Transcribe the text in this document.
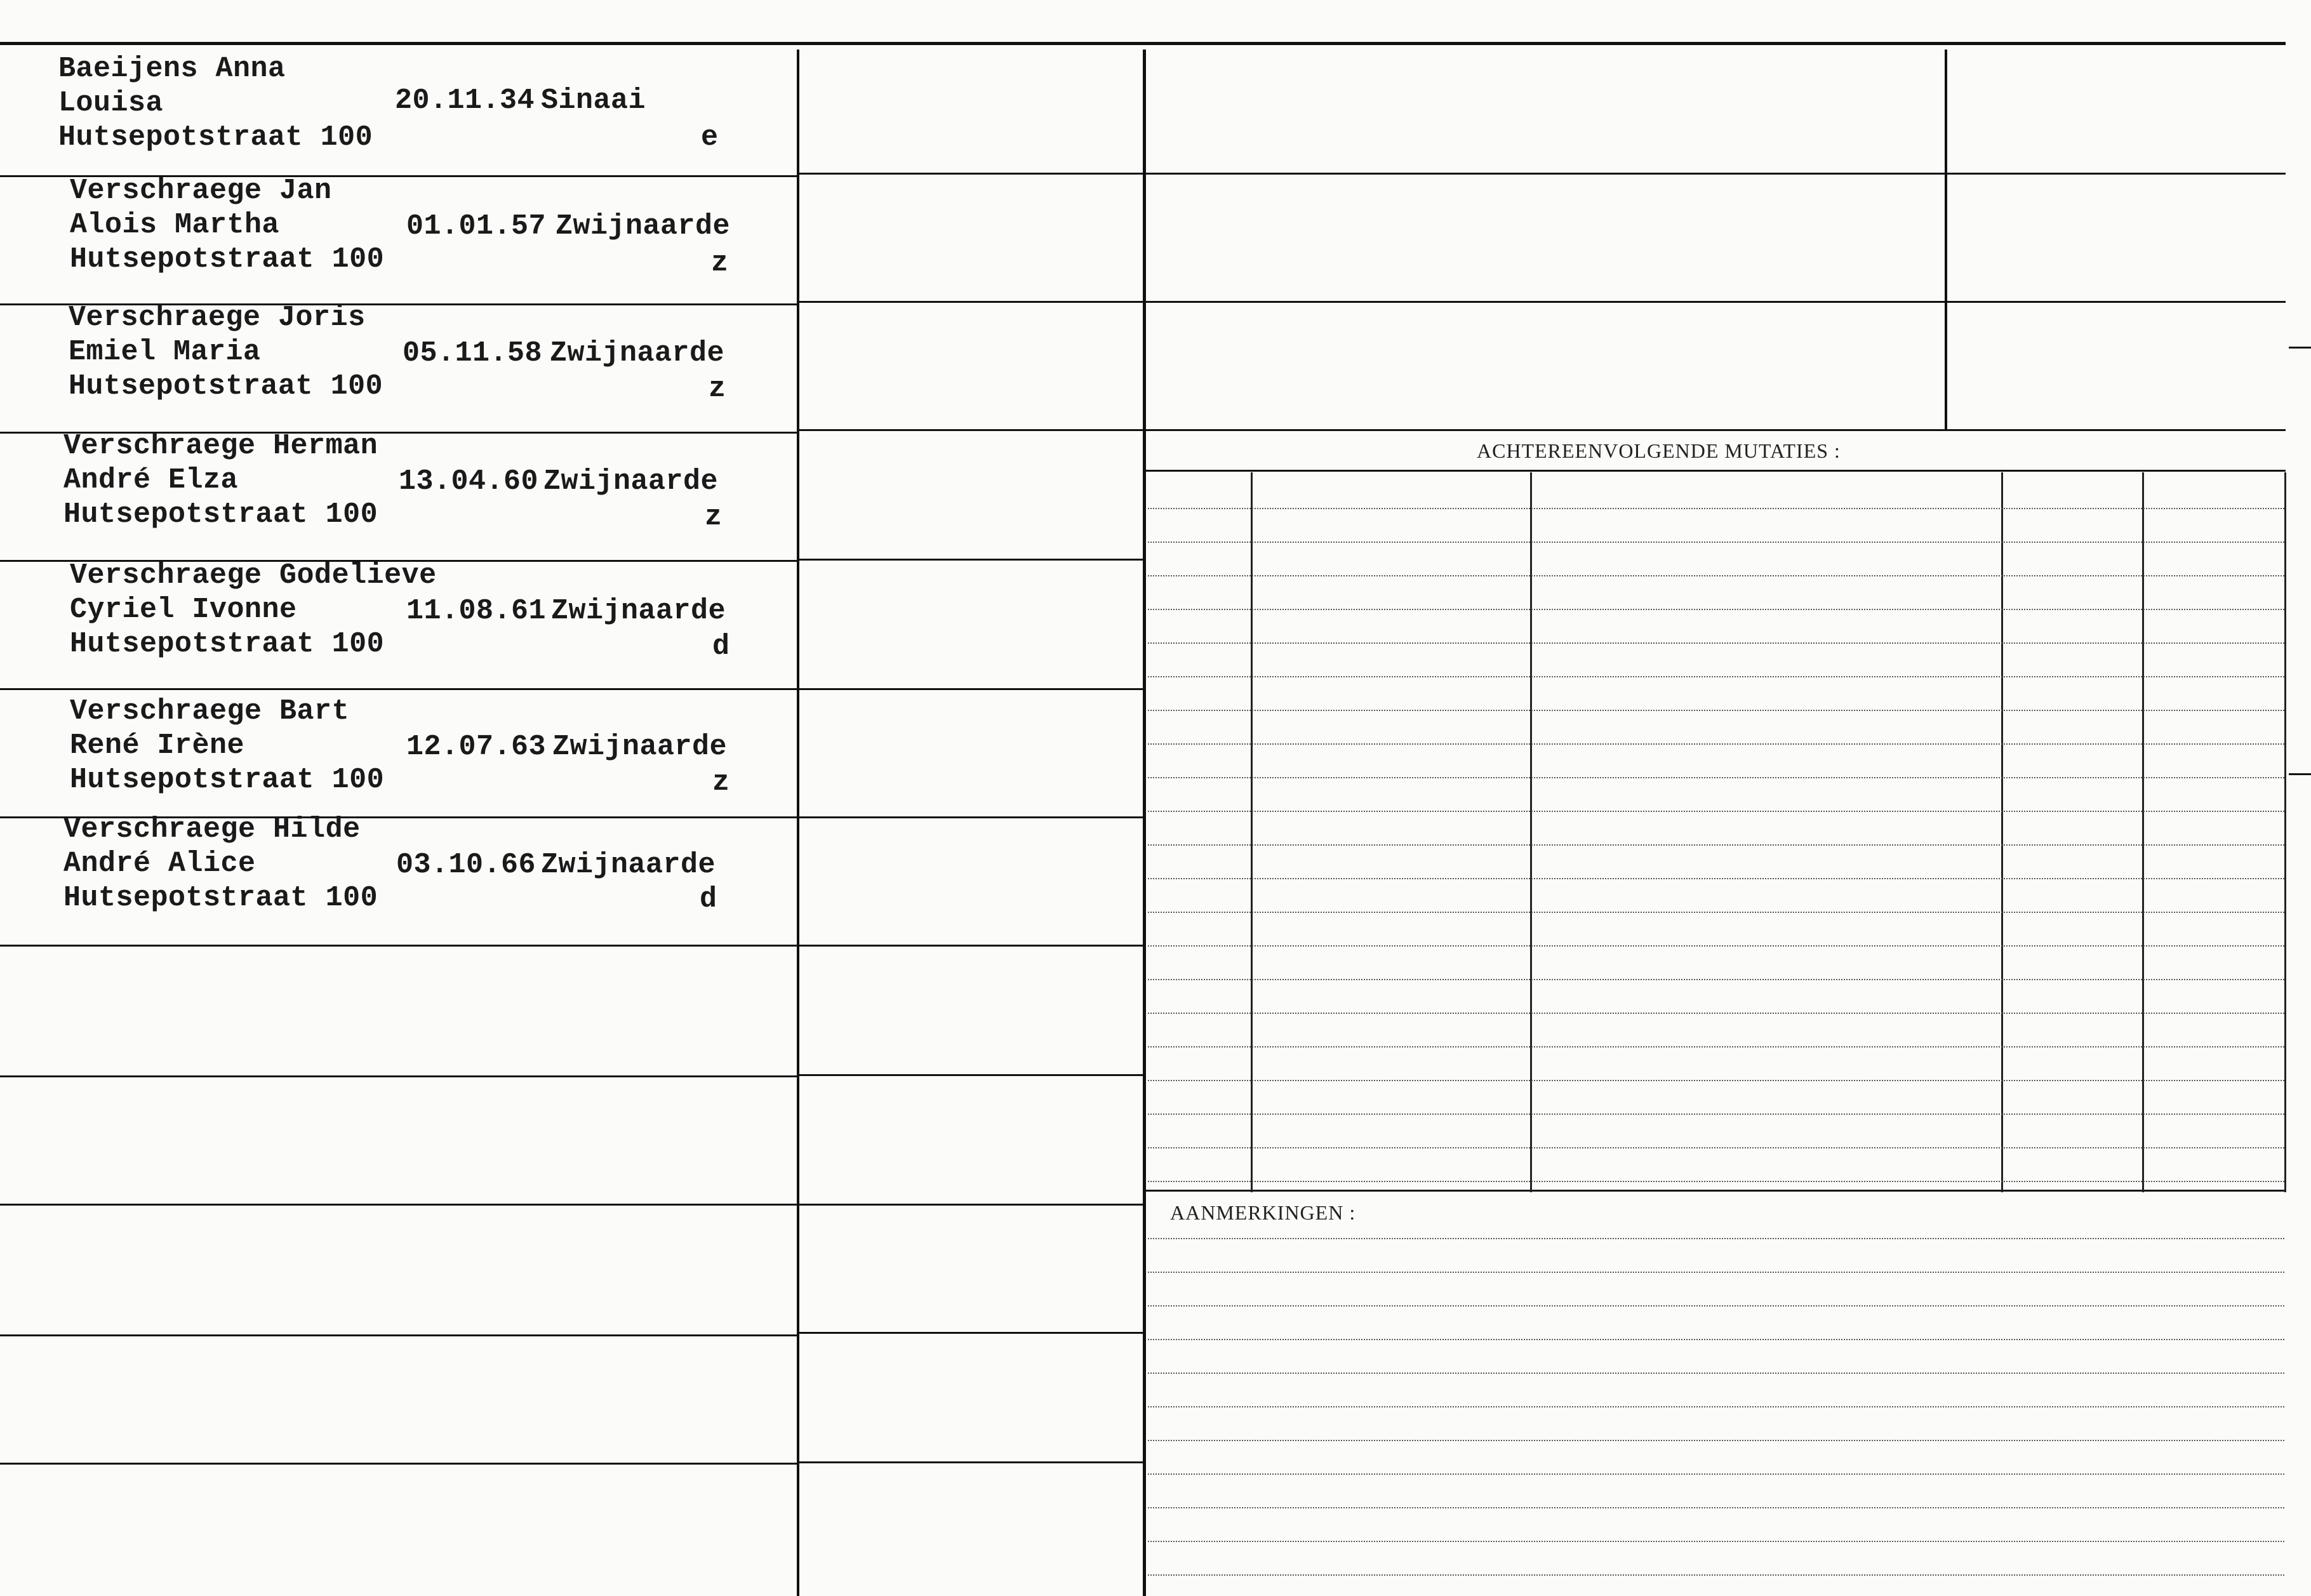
Baeijens Anna
Louisa
Hutsepotstraat 100
20.11.34 Sinaai
e
Verschraege Jan
Alois Martha
Hutsepotstraat 100
01.01.57 Zwijnaarde
z
Verschraege Joris
Emiel Maria
Hutsepotstraat 100
05.11.58 Zwijnaarde
z
Verschraege Herman
André Elza
Hutsepotstraat 100
13.04.60 Zwijnaarde
z
Verschraege Godelieve
Cyriel Ivonne
Hutsepotstraat 100
11.08.61 Zwijnaarde
d
Verschraege Bart
René Irène
Hutsepotstraat 100
12.07.63 Zwijnaarde
z
Verschraege Hilde
André Alice
Hutsepotstraat 100
03.10.66 Zwijnaarde
d
ACHTEREENVOLGENDE MUTATIES :
AANMERKINGEN :
